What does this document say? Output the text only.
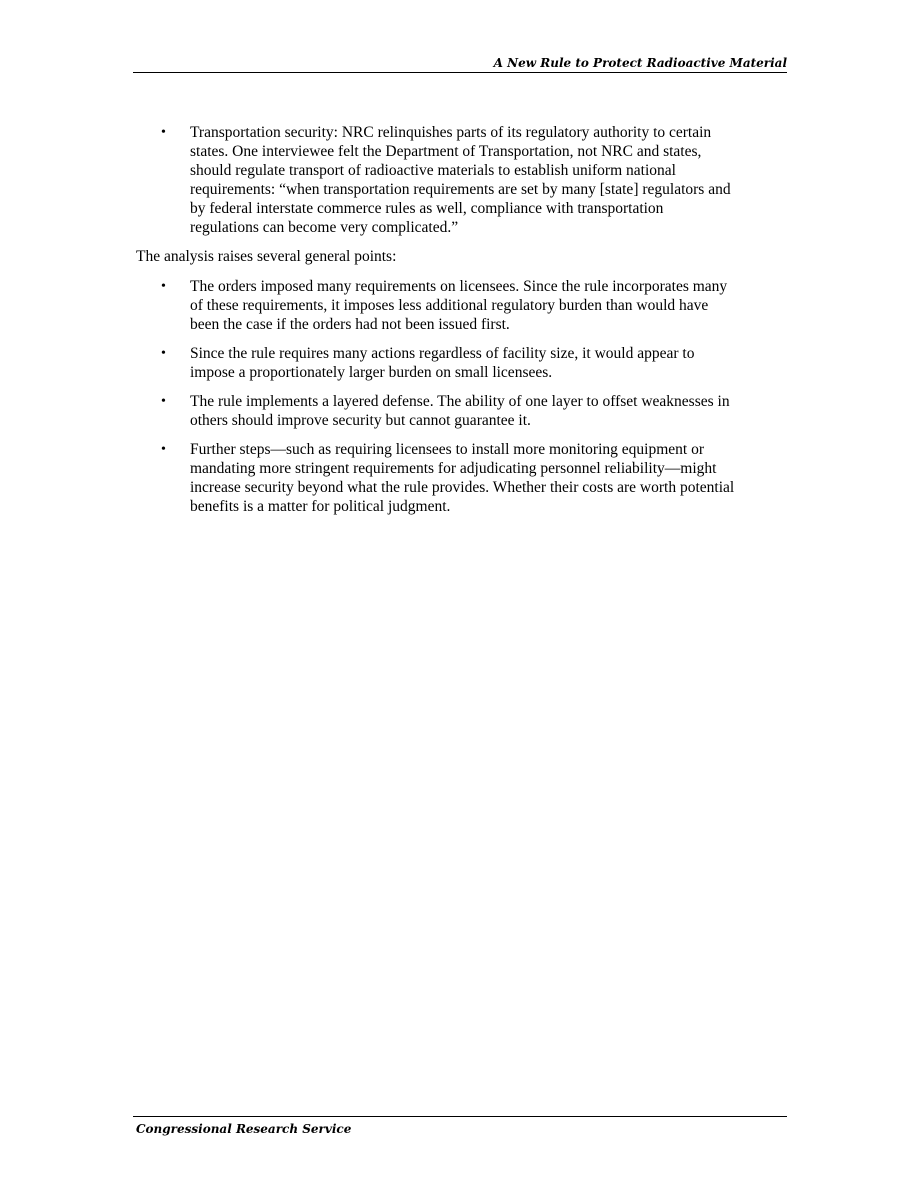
A New Rule to Protect Radioactive Material
• Transportation security: NRC relinquishes parts of its regulatory authority to certain states. One interviewee felt the Department of Transportation, not NRC and states, should regulate transport of radioactive materials to establish uniform national requirements: “when transportation requirements are set by many [state] regulators and by federal interstate commerce rules as well, compliance with transportation regulations can become very complicated.”

The analysis raises several general points:

• The orders imposed many requirements on licensees. Since the rule incorporates many of these requirements, it imposes less additional regulatory burden than would have been the case if the orders had not been issued first.
• Since the rule requires many actions regardless of facility size, it would appear to impose a proportionately larger burden on small licensees.
• The rule implements a layered defense. The ability of one layer to offset weaknesses in others should improve security but cannot guarantee it.
• Further steps—such as requiring licensees to install more monitoring equipment or mandating more stringent requirements for adjudicating personnel reliability—might increase security beyond what the rule provides. Whether their costs are worth potential benefits is a matter for political judgment.
Congressional Research Service
